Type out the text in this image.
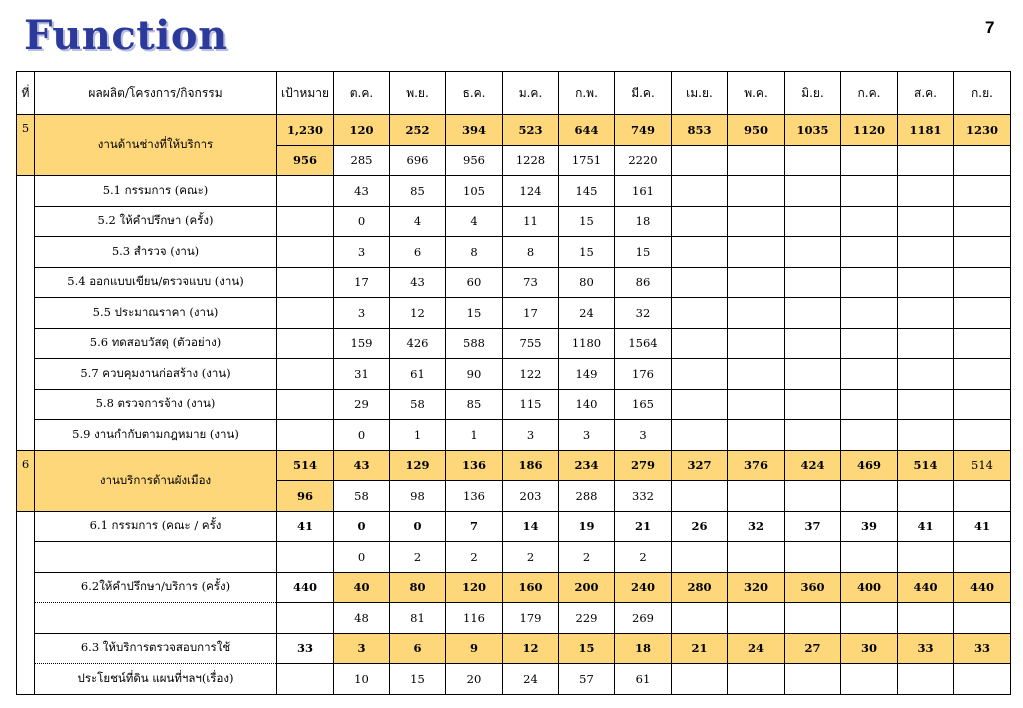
Function	7
ที่	ผลผลิต/โครงการ/กิจกรรม	เป้าหมาย	ต.ค.	พ.ย.	ธ.ค.	ม.ค.	ก.พ.	มี.ค.	เม.ย.	พ.ค.	มิ.ย.	ก.ค.	ส.ค.	ก.ย.
5	งานด้านช่างที่ให้บริการ	1,230	120	252	394	523	644	749	853	950	1035	1120	1181	1230
		956	285	696	956	1228	1751	2220						
	5.1 กรรมการ (คณะ)		43	85	105	124	145	161						
	5.2 ให้คำปรึกษา (ครั้ง)		0	4	4	11	15	18						
	5.3 สำรวจ (งาน)		3	6	8	8	15	15						
	5.4 ออกแบบเขียน/ตรวจแบบ (งาน)		17	43	60	73	80	86						
	5.5 ประมาณราคา (งาน)		3	12	15	17	24	32						
	5.6 ทดสอบวัสดุ (ตัวอย่าง)		159	426	588	755	1180	1564						
	5.7 ควบคุมงานก่อสร้าง (งาน)		31	61	90	122	149	176						
	5.8 ตรวจการจ้าง (งาน)		29	58	85	115	140	165						
	5.9 งานกำกับตามกฎหมาย (งาน)		0	1	1	3	3	3						
6	งานบริการด้านผังเมือง	514	43	129	136	186	234	279	327	376	424	469	514	514
		96	58	98	136	203	288	332						
	6.1 กรรมการ (คณะ / ครั้ง	41	0	0	7	14	19	21	26	32	37	39	41	41
			0	2	2	2	2	2						
	6.2ให้คำปรึกษา/บริการ (ครั้ง)	440	40	80	120	160	200	240	280	320	360	400	440	440
			48	81	116	179	229	269						
	6.3 ให้บริการตรวจสอบการใช้	33	3	6	9	12	15	18	21	24	27	30	33	33
	ประโยชน์ที่ดิน แผนที่ฯลฯ(เรื่อง)		10	15	20	24	57	61						
